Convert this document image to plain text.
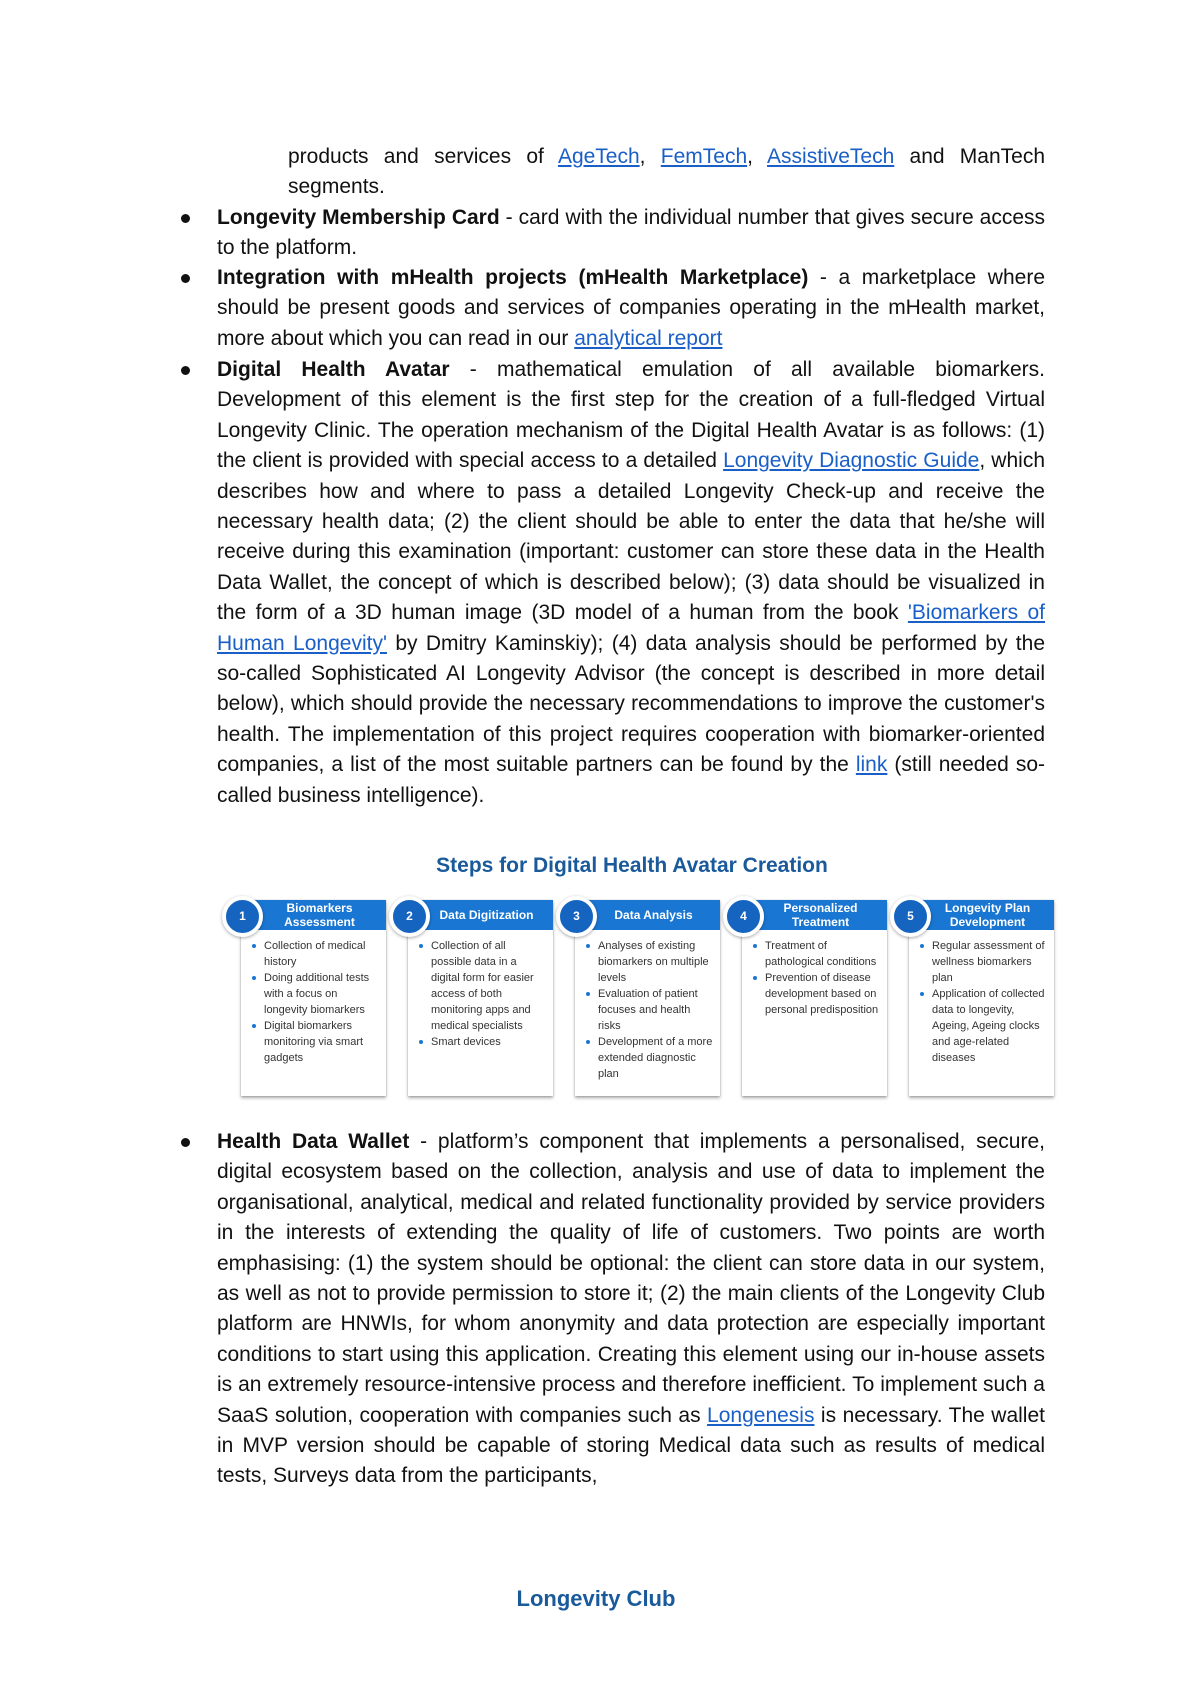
products and services of AgeTech, FemTech, AssistiveTech and ManTech segments.
Longevity Membership Card - card with the individual number that gives secure access to the platform.
Integration with mHealth projects (mHealth Marketplace) - a marketplace where should be present goods and services of companies operating in the mHealth market, more about which you can read in our analytical report
Digital Health Avatar - mathematical emulation of all available biomarkers. Development of this element is the first step for the creation of a full-fledged Virtual Longevity Clinic. The operation mechanism of the Digital Health Avatar is as follows: (1) the client is provided with special access to a detailed Longevity Diagnostic Guide, which describes how and where to pass a detailed Longevity Check-up and receive the necessary health data; (2) the client should be able to enter the data that he/she will receive during this examination (important: customer can store these data in the Health Data Wallet, the concept of which is described below); (3) data should be visualized in the form of a 3D human image (3D model of a human from the book 'Biomarkers of Human Longevity' by Dmitry Kaminskiy); (4) data analysis should be performed by the so-called Sophisticated AI Longevity Advisor (the concept is described in more detail below), which should provide the necessary recommendations to improve the customer's health. The implementation of this project requires cooperation with biomarker-oriented companies, a list of the most suitable partners can be found by the link (still needed so-called business intelligence).
Steps for Digital Health Avatar Creation
Biomarkers Assessment
1
Collection of medical history
Doing additional tests with a focus on longevity biomarkers
Digital biomarkers monitoring via smart gadgets
Data Digitization
2
Collection of all possible data in a digital form for easier access of both monitoring apps and medical specialists
Smart devices
Data Analysis
3
Analyses of existing biomarkers on multiple levels
Evaluation of patient focuses and health risks
Development of a more extended diagnostic plan
Personalized Treatment
4
Treatment of pathological conditions
Prevention of disease development based on personal predisposition
Longevity Plan Development
5
Regular assessment of wellness biomarkers plan
Application of collected data to longevity, Ageing, Ageing clocks and age-related diseases
Health Data Wallet - platform’s component that implements a personalised, secure, digital ecosystem based on the collection, analysis and use of data to implement the organisational, analytical, medical and related functionality provided by service providers in the interests of extending the quality of life of customers. Two points are worth emphasising: (1) the system should be optional: the client can store data in our system, as well as not to provide permission to store it; (2) the main clients of the Longevity Club platform are HNWIs, for whom anonymity and data protection are especially important conditions to start using this application. Creating this element using our in-house assets is an extremely resource-intensive process and therefore inefficient. To implement such a SaaS solution, cooperation with companies such as Longenesis is necessary. The wallet in MVP version should be capable of storing Medical data such as results of medical tests, Surveys data from the participants,
Longevity Club
